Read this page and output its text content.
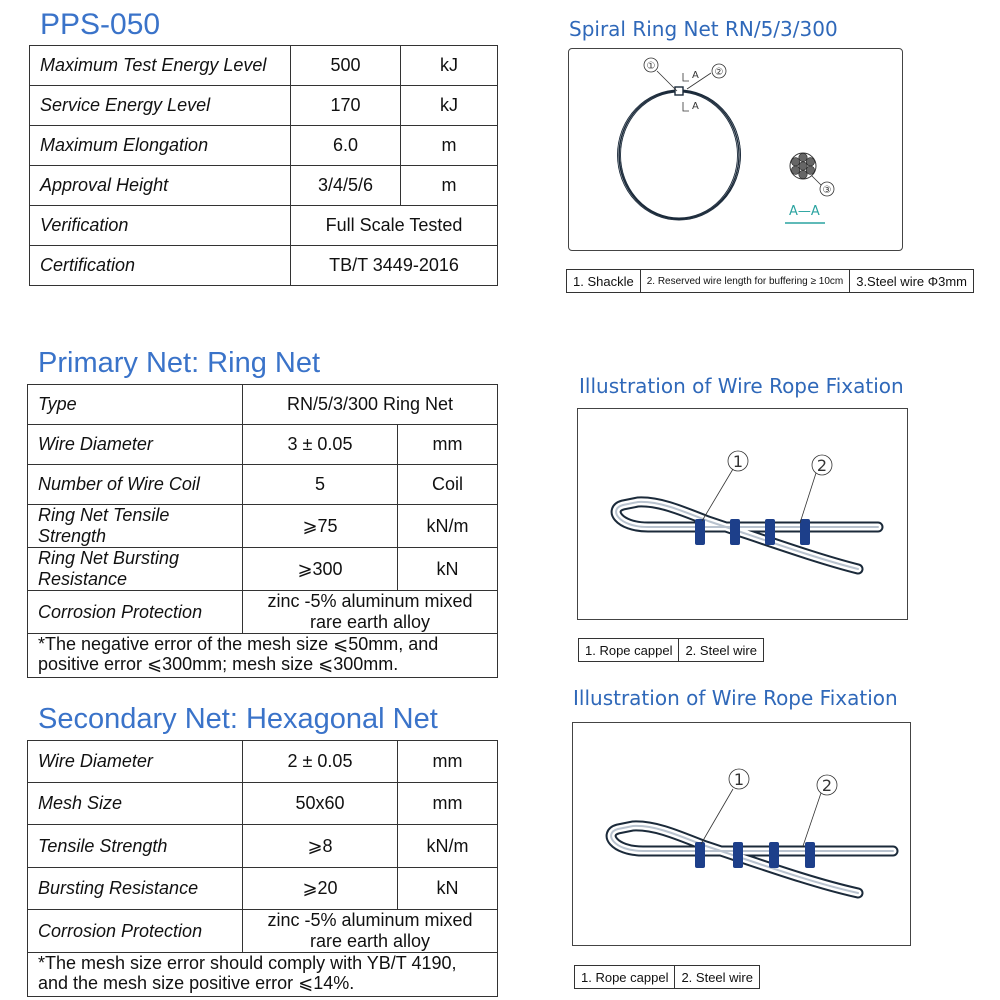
PPS-050
Maximum Test Energy Level	500	kJ
Service Energy Level	170	kJ
Maximum Elongation	6.0	m
Approval Height	3/4/5/6	m
Verification	Full Scale Tested	
Certification	TB/T 3449-2016	
Primary Net: Ring Net
Type	RN/5/3/300 Ring Net	
Wire Diameter	3 ± 0.05	mm
Number of Wire Coil	5	Coil
Ring Net Tensile Strength	⩾75	kN/m
Ring Net Bursting Resistance	⩾300	kN
Corrosion Protection	zinc -5% aluminum mixed rare earth alloy	
*The negative error of the mesh size ⩽50mm, and positive error ⩽300mm; mesh size ⩽300mm.		
Secondary Net: Hexagonal Net
Wire Diameter	2 ± 0.05	mm
Mesh Size	50x60	mm
Tensile Strength	⩾8	kN/m
Bursting Resistance	⩾20	kN
Corrosion Protection	zinc -5% aluminum mixed rare earth alloy	
*The mesh size error should comply with YB/T 4190, and the mesh size positive error ⩽14%.		
Spiral Ring Net RN/5/3/300
A
A
①
②
③
A—A
1. Shackle	2. Reserved wire length for buffering ≥ 10cm	3.Steel wire Φ3mm
Illustration of Wire Rope Fixation
1	2
1. Rope cappel	2. Steel wire
Illustration of Wire Rope Fixation
1	2
1. Rope cappel	2. Steel wire
